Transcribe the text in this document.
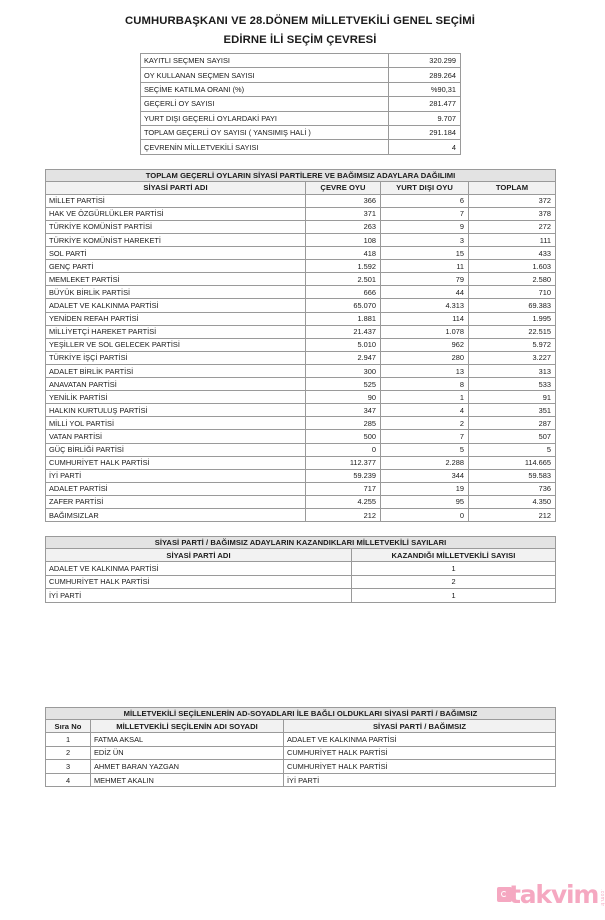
CUMHURBAŞKANI VE 28.DÖNEM MİLLETVEKİLİ GENEL SEÇİMİ
EDİRNE İLİ SEÇİM ÇEVRESİ
KAYITLI SEÇMEN SAYISI	320.299
OY KULLANAN SEÇMEN SAYISI	289.264
SEÇİME KATILMA ORANI (%)	%90,31
GEÇERLİ OY SAYISI	281.477
YURT DIŞI GEÇERLİ OYLARDAKİ PAYI	9.707
TOPLAM GEÇERLİ OY SAYISI ( YANSIMIŞ HALİ )	291.184
ÇEVRENİN MİLLETVEKİLİ SAYISI	4
TOPLAM GEÇERLİ OYLARIN SİYASİ PARTİLERE VE BAĞIMSIZ ADAYLARA DAĞILIMI			
SİYASİ PARTİ ADI	ÇEVRE OYU	YURT DIŞI OYU	TOPLAM
MİLLET PARTİSİ	366	6	372
HAK VE ÖZGÜRLÜKLER PARTİSİ	371	7	378
TÜRKİYE KOMÜNİST PARTİSİ	263	9	272
TÜRKİYE KOMÜNİST HAREKETİ	108	3	111
SOL PARTİ	418	15	433
GENÇ PARTİ	1.592	11	1.603
MEMLEKET PARTİSİ	2.501	79	2.580
BÜYÜK BİRLİK PARTİSİ	666	44	710
ADALET VE KALKINMA PARTİSİ	65.070	4.313	69.383
YENİDEN REFAH PARTİSİ	1.881	114	1.995
MİLLİYETÇİ HAREKET PARTİSİ	21.437	1.078	22.515
YEŞİLLER VE SOL GELECEK PARTİSİ	5.010	962	5.972
TÜRKİYE İŞÇİ PARTİSİ	2.947	280	3.227
ADALET BİRLİK PARTİSİ	300	13	313
ANAVATAN PARTİSİ	525	8	533
YENİLİK PARTİSİ	90	1	91
HALKIN KURTULUŞ PARTİSİ	347	4	351
MİLLİ YOL PARTİSİ	285	2	287
VATAN PARTİSİ	500	7	507
GÜÇ BİRLİĞİ PARTİSİ	0	5	5
CUMHURİYET HALK PARTİSİ	112.377	2.288	114.665
İYİ PARTİ	59.239	344	59.583
ADALET PARTİSİ	717	19	736
ZAFER PARTİSİ	4.255	95	4.350
BAĞIMSIZLAR	212	0	212
SİYASİ PARTİ / BAĞIMSIZ ADAYLARIN KAZANDIKLARI MİLLETVEKİLİ SAYILARI	
SİYASİ PARTİ ADI	KAZANDIĞI MİLLETVEKİLİ SAYISI
ADALET VE KALKINMA PARTİSİ	1
CUMHURİYET HALK PARTİSİ	2
İYİ PARTİ	1
MİLLETVEKİLİ SEÇİLENLERİN AD-SOYADLARI İLE BAĞLI OLDUKLARI SİYASİ PARTİ / BAĞIMSIZ		
Sıra No	MİLLETVEKİLİ SEÇİLENİN ADI SOYADI	SİYASİ PARTİ / BAĞIMSIZ
1	FATMA AKSAL	ADALET VE KALKINMA PARTİSİ
2	EDİZ ÜN	CUMHURİYET HALK PARTİSİ
3	AHMET BARAN YAZGAN	CUMHURİYET HALK PARTİSİ
4	MEHMET AKALIN	İYİ PARTİ
takvim .com.tr
